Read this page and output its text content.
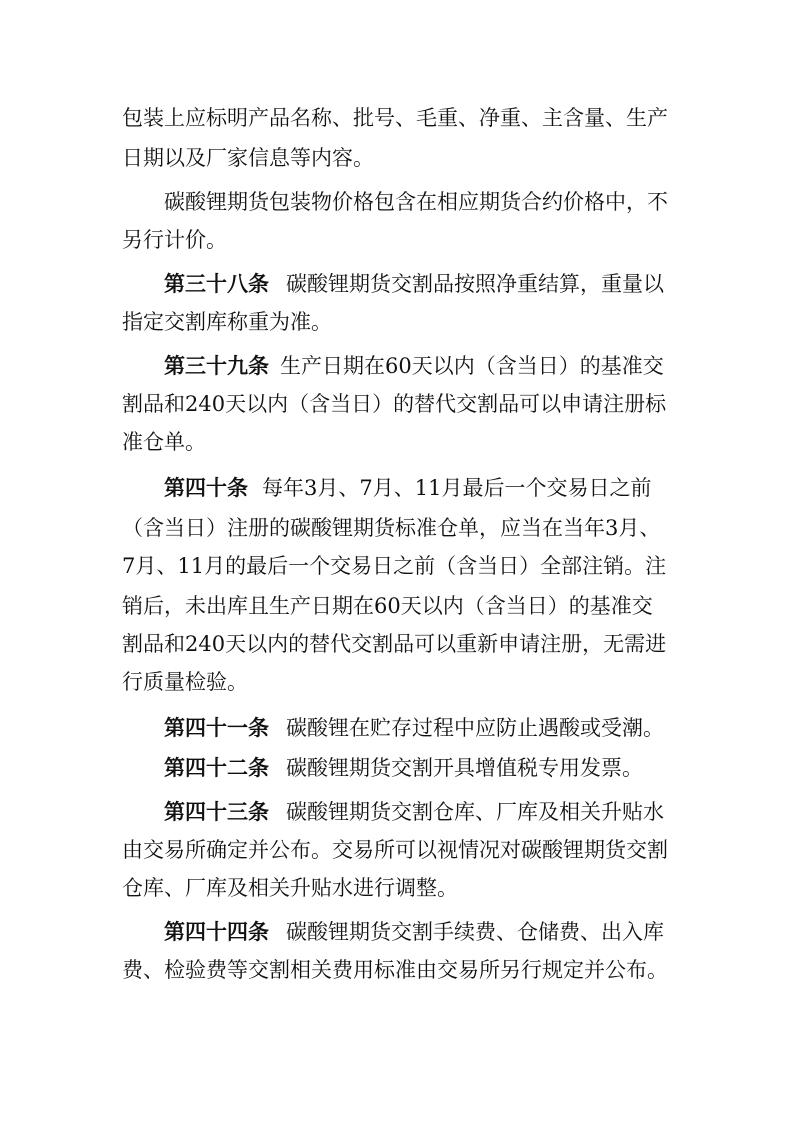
包装上应标明产品名称、批号、毛重、净重、主含量、生产
日期以及厂家信息等内容。
碳酸锂期货包装物价格包含在相应期货合约价格中，不
另行计价。
第三十八条 碳酸锂期货交割品按照净重结算，重量以
指定交割库称重为准。
第三十九条 生产日期在60天以内（含当日）的基准交
割品和240天以内（含当日）的替代交割品可以申请注册标
准仓单。
第四十条 每年3月、7月、11月最后一个交易日之前
（含当日）注册的碳酸锂期货标准仓单，应当在当年3月、
7月、11月的最后一个交易日之前（含当日）全部注销。注
销后，未出库且生产日期在60天以内（含当日）的基准交
割品和240天以内的替代交割品可以重新申请注册，无需进
行质量检验。
第四十一条 碳酸锂在贮存过程中应防止遇酸或受潮。
第四十二条 碳酸锂期货交割开具增值税专用发票。
第四十三条 碳酸锂期货交割仓库、厂库及相关升贴水
由交易所确定并公布。交易所可以视情况对碳酸锂期货交割
仓库、厂库及相关升贴水进行调整。
第四十四条 碳酸锂期货交割手续费、仓储费、出入库
费、检验费等交割相关费用标准由交易所另行规定并公布。
